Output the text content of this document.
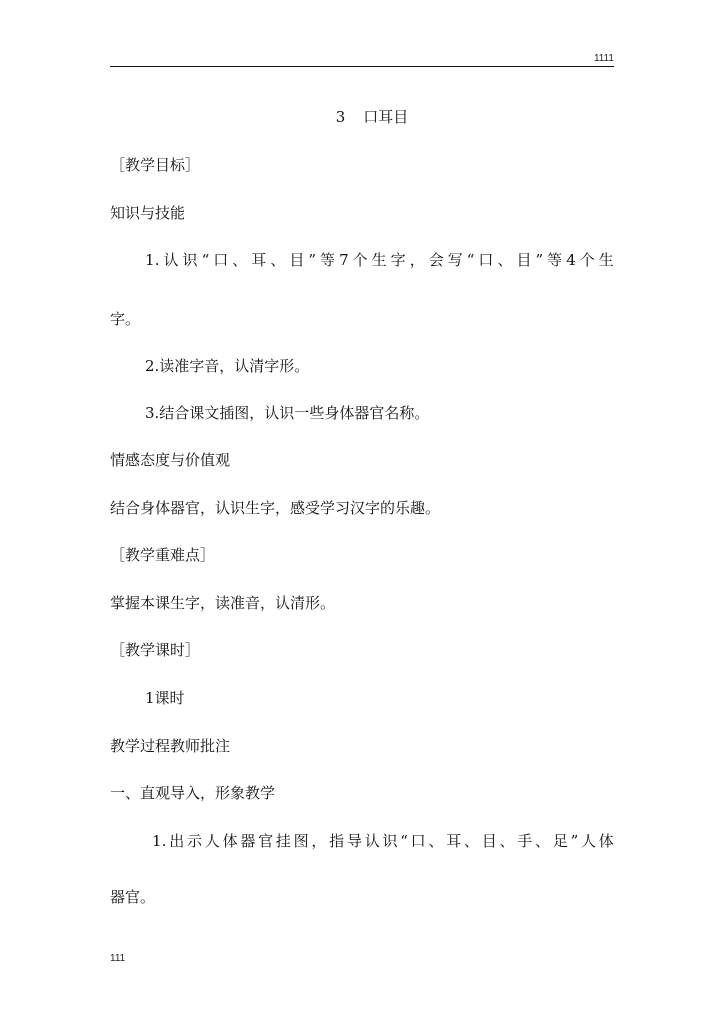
1111
3 口耳目
［教学目标］
知识与技能
1.认识“口、耳、目”等7个生字，会写“口、目”等4个生
字。
2.读准字音，认清字形。
3.结合课文插图，认识一些身体器官名称。
情感态度与价值观
结合身体器官，认识生字，感受学习汉字的乐趣。
［教学重难点］
掌握本课生字，读准音，认清形。
［教学课时］
1课时
教学过程教师批注
一、直观导入，形象教学
1.出示人体器官挂图，指导认识“口、耳、目、手、足”人体
器官。
111
